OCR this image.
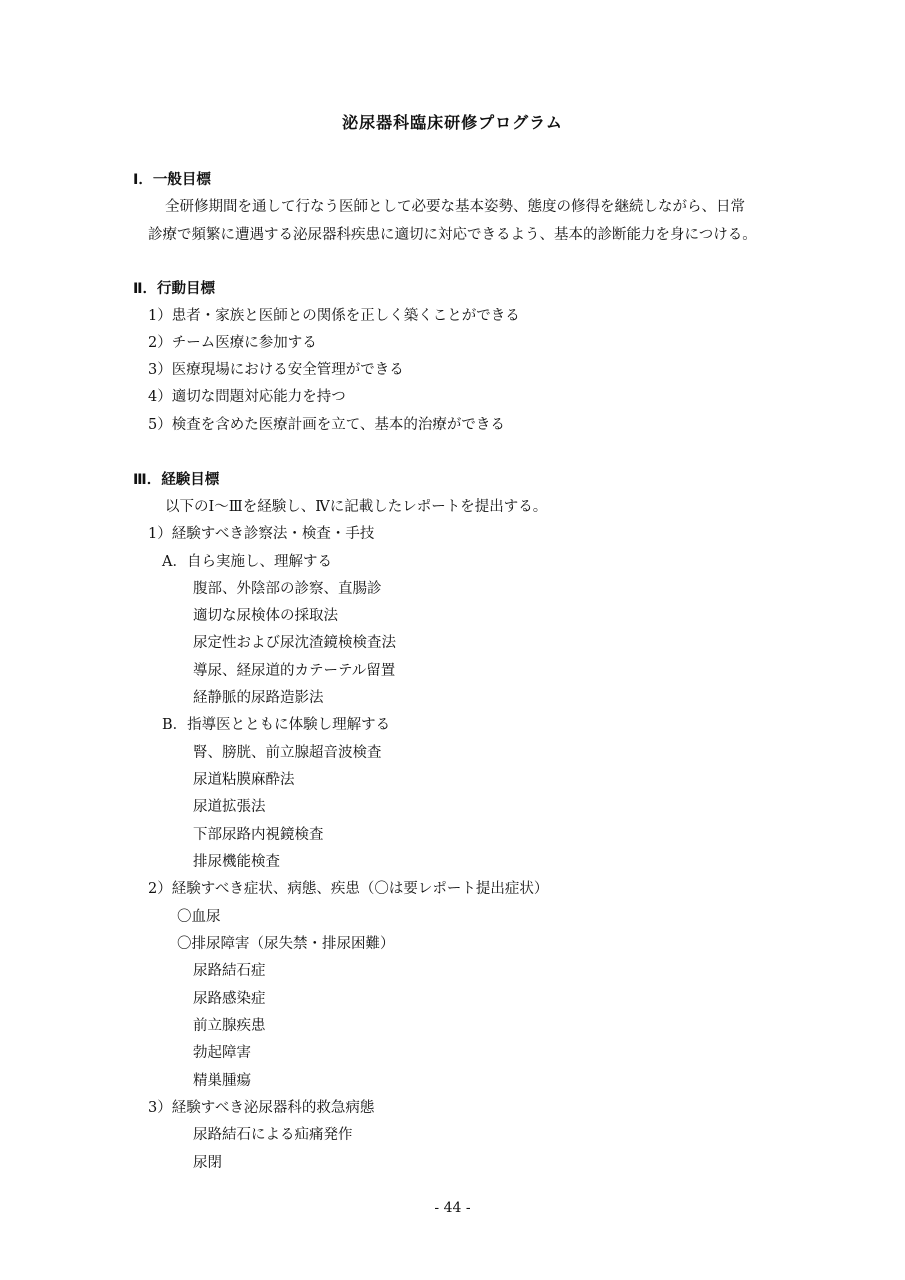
泌尿器科臨床研修プログラム
Ⅰ．一般目標
全研修期間を通して行なう医師として必要な基本姿勢、態度の修得を継続しながら、日常
診療で頻繁に遭遇する泌尿器科疾患に適切に対応できるよう、基本的診断能力を身につける。
Ⅱ．行動目標
1）患者・家族と医師との関係を正しく築くことができる
2）チーム医療に参加する
3）医療現場における安全管理ができる
4）適切な問題対応能力を持つ
5）検査を含めた医療計画を立て、基本的治療ができる
Ⅲ．経験目標
以下のⅠ～Ⅲを経験し、Ⅳに記載したレポートを提出する。
1）経験すべき診察法・検査・手技
A．自ら実施し、理解する
腹部、外陰部の診察、直腸診
適切な尿検体の採取法
尿定性および尿沈渣鏡検検査法
導尿、経尿道的カテーテル留置
経静脈的尿路造影法
B．指導医とともに体験し理解する
腎、膀胱、前立腺超音波検査
尿道粘膜麻酔法
尿道拡張法
下部尿路内視鏡検査
排尿機能検査
2）経験すべき症状、病態、疾患（〇は要レポート提出症状）
〇血尿
〇排尿障害（尿失禁・排尿困難）
尿路結石症
尿路感染症
前立腺疾患
勃起障害
精巣腫瘍
3）経験すべき泌尿器科的救急病態
尿路結石による疝痛発作
尿閉
- 44 -
